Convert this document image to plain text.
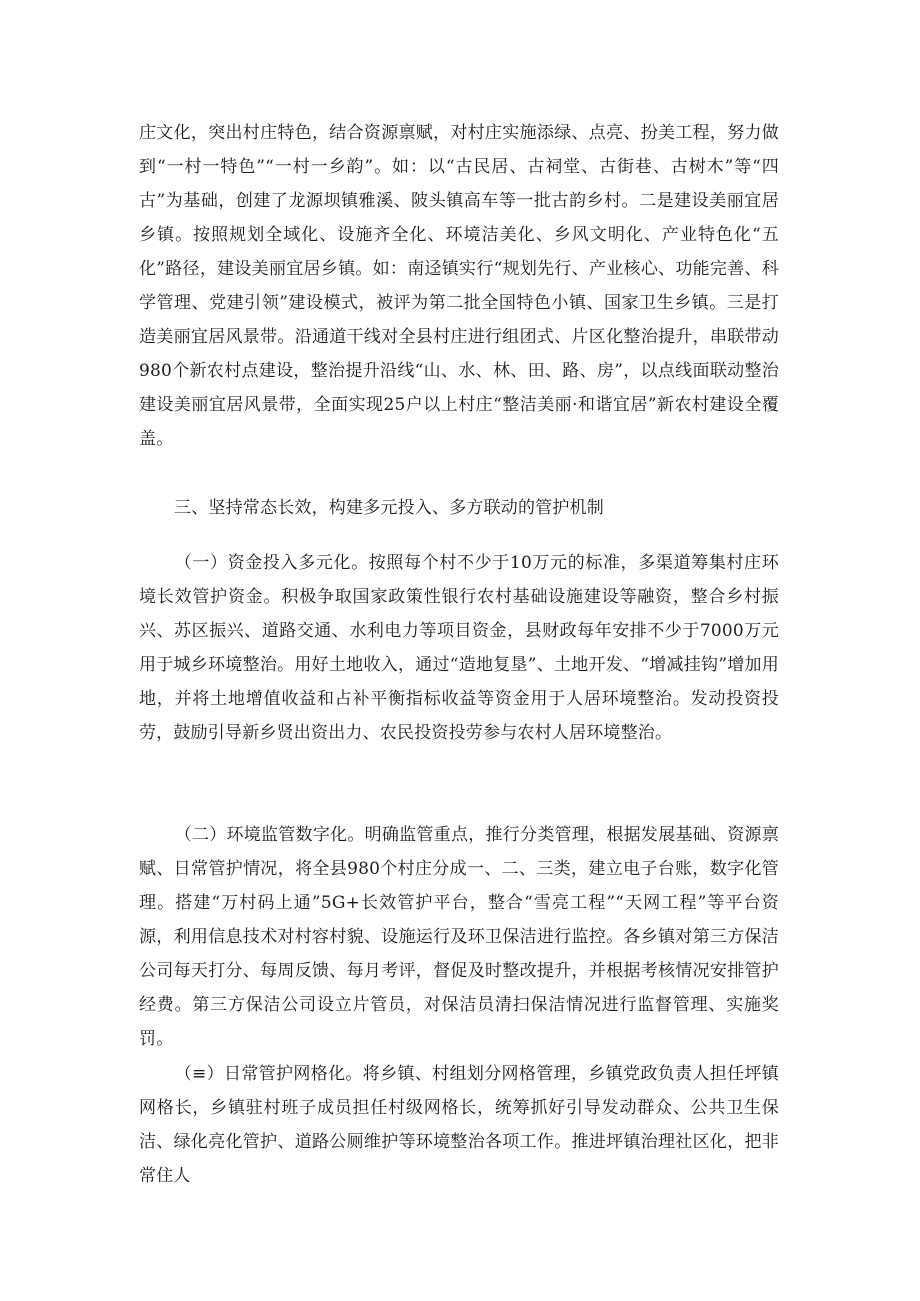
庄文化，突出村庄特色，结合资源禀赋，对村庄实施添绿、点亮、扮美工程，努力做到“一村一特色”“一村一乡韵”。如：以“古民居、古祠堂、古街巷、古树木”等“四古”为基础，创建了龙源坝镇雅溪、陂头镇高车等一批古韵乡村。二是建设美丽宜居乡镇。按照规划全域化、设施齐全化、环境洁美化、乡风文明化、产业特色化“五化”路径，建设美丽宜居乡镇。如：南迳镇实行“规划先行、产业核心、功能完善、科学管理、党建引领”建设模式，被评为第二批全国特色小镇、国家卫生乡镇。三是打造美丽宜居风景带。沿通道干线对全县村庄进行组团式、片区化整治提升，串联带动980个新农村点建设，整治提升沿线“山、水、林、田、路、房”，以点线面联动整治建设美丽宜居风景带，全面实现25户以上村庄“整洁美丽·和谐宜居”新农村建设全覆盖。

三、坚持常态长效，构建多元投入、多方联动的管护机制

（一）资金投入多元化。按照每个村不少于10万元的标准，多渠道筹集村庄环境长效管护资金。积极争取国家政策性银行农村基础设施建设等融资，整合乡村振兴、苏区振兴、道路交通、水利电力等项目资金，县财政每年安排不少于7000万元用于城乡环境整治。用好土地收入，通过“造地复垦”、土地开发、“增减挂钩”增加用地，并将土地增值收益和占补平衡指标收益等资金用于人居环境整治。发动投资投劳，鼓励引导新乡贤出资出力、农民投资投劳参与农村人居环境整治。

（二）环境监管数字化。明确监管重点，推行分类管理，根据发展基础、资源禀赋、日常管护情况，将全县980个村庄分成一、二、三类，建立电子台账，数字化管理。搭建“万村码上通”5G+长效管护平台，整合“雪亮工程”“天网工程”等平台资源，利用信息技术对村容村貌、设施运行及环卫保洁进行监控。各乡镇对第三方保洁公司每天打分、每周反馈、每月考评，督促及时整改提升，并根据考核情况安排管护经费。第三方保洁公司设立片管员，对保洁员清扫保洁情况进行监督管理、实施奖罚。

（≡）日常管护网格化。将乡镇、村组划分网格管理，乡镇党政负责人担任坪镇网格长，乡镇驻村班子成员担任村级网格长，统筹抓好引导发动群众、公共卫生保洁、绿化亮化管护、道路公厕维护等环境整治各项工作。推进坪镇治理社区化，把非常住人
